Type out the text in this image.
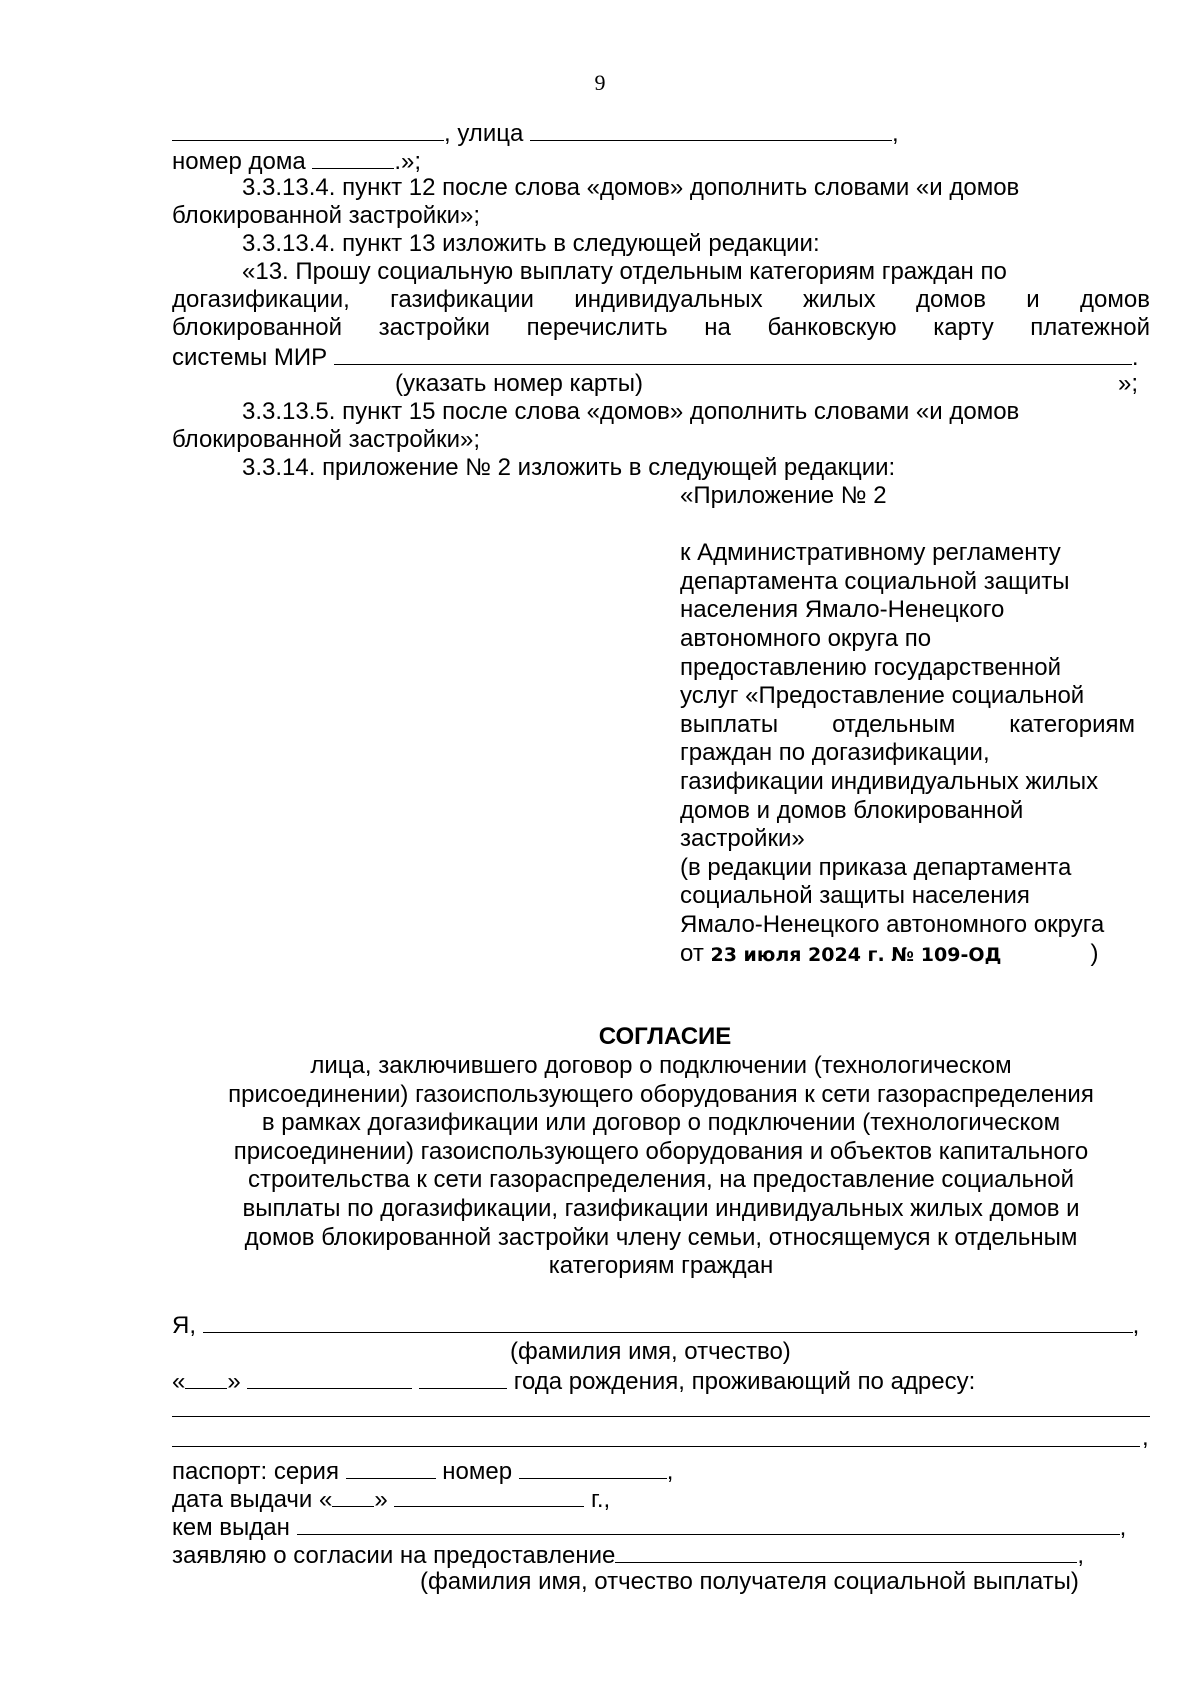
9
, улица	,
номер дома	.»;
3.3.13.4. пункт 12 после слова «домов» дополнить словами «и домов
блокированной застройки»;
3.3.13.4. пункт 13 изложить в следующей редакции:
«13. Прошу социальную выплату отдельным категориям граждан по
догазификации, газификации индивидуальных жилых домов и домов
блокированной застройки перечислить на банковскую карту платежной
системы МИР	.
(указать номер карты)	»;
3.3.13.5. пункт 15 после слова «домов» дополнить словами «и домов
блокированной застройки»;
3.3.14. приложение № 2 изложить в следующей редакции:
«Приложение № 2
к Административному регламенту
департамента социальной защиты
населения Ямало-Ненецкого
автономного округа по
предоставлению государственной
услуг «Предоставление социальной
выплаты отдельным категориям
граждан по догазификации,
газификации индивидуальных жилых
домов и домов блокированной
застройки»
(в редакции приказа департамента
социальной защиты населения
Ямало-Ненецкого автономного округа
от 23 июля 2024 г. № 109-ОД	)
СОГЛАСИЕ
лица, заключившего договор о подключении (технологическом
присоединении) газоиспользующего оборудования к сети газораспределения
в рамках догазификации или договор о подключении (технологическом
присоединении) газоиспользующего оборудования и объектов капитального
строительства к сети газораспределения, на предоставление социальной
выплаты по догазификации, газификации индивидуальных жилых домов и
домов блокированной застройки члену семьи, относящемуся к отдельным
категориям граждан
Я,	,
(фамилия имя, отчество)
« »	года рождения, проживающий по адресу:
,
паспорт: серия	номер	,
дата выдачи « »	г.,
кем выдан	,
заявляю о согласии на предоставление	,
(фамилия имя, отчество получателя социальной выплаты)
